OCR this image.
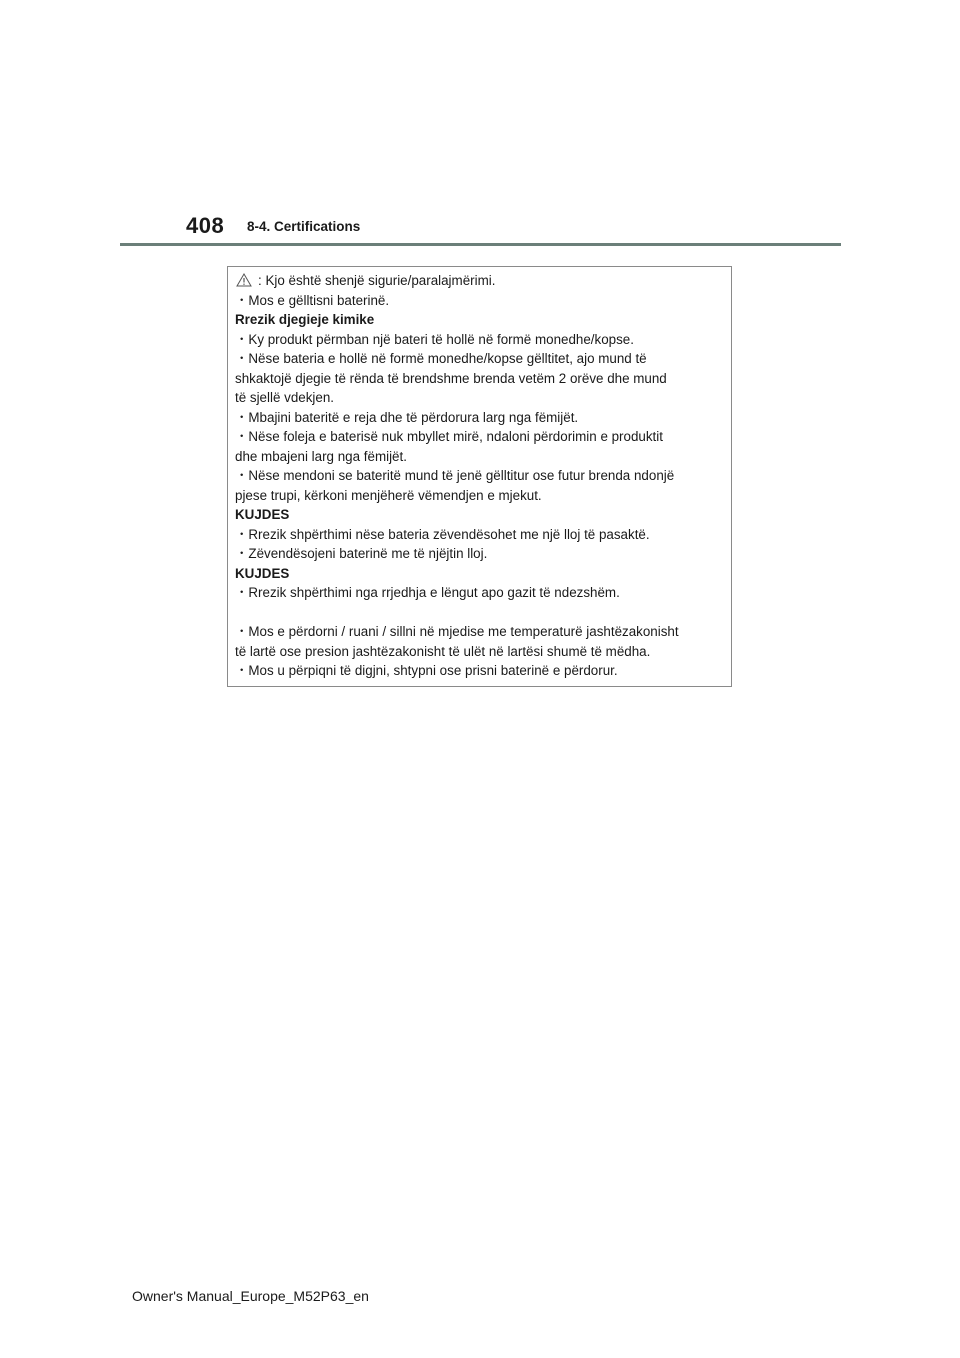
408 8-4. Certifications
: Kjo është shenjë sigurie/paralajmërimi.
・Mos e gëlltisni baterinë.
Rrezik djegieje kimike
・Ky produkt përmban një bateri të hollë në formë monedhe/kopse.
・Nëse bateria e hollë në formë monedhe/kopse gëlltitet, ajo mund të
shkaktojë djegie të rënda të brendshme brenda vetëm 2 orëve dhe mund
të sjellë vdekjen.
・Mbajini bateritë e reja dhe të përdorura larg nga fëmijët.
・Nëse foleja e baterisë nuk mbyllet mirë, ndaloni përdorimin e produktit
dhe mbajeni larg nga fëmijët.
・Nëse mendoni se bateritë mund të jenë gëlltitur ose futur brenda ndonjë
pjese trupi, kërkoni menjëherë vëmendjen e mjekut.
KUJDES
・Rrezik shpërthimi nëse bateria zëvendësohet me një lloj të pasaktë.
・Zëvendësojeni baterinë me të njëjtin lloj.
KUJDES
・Rrezik shpërthimi nga rrjedhja e lëngut apo gazit të ndezshëm.
・Mos e përdorni / ruani / sillni në mjedise me temperaturë jashtëzakonisht
të lartë ose presion jashtëzakonisht të ulët në lartësi shumë të mëdha.
・Mos u përpiqni të digjni, shtypni ose prisni baterinë e përdorur.
Owner's Manual_Europe_M52P63_en
